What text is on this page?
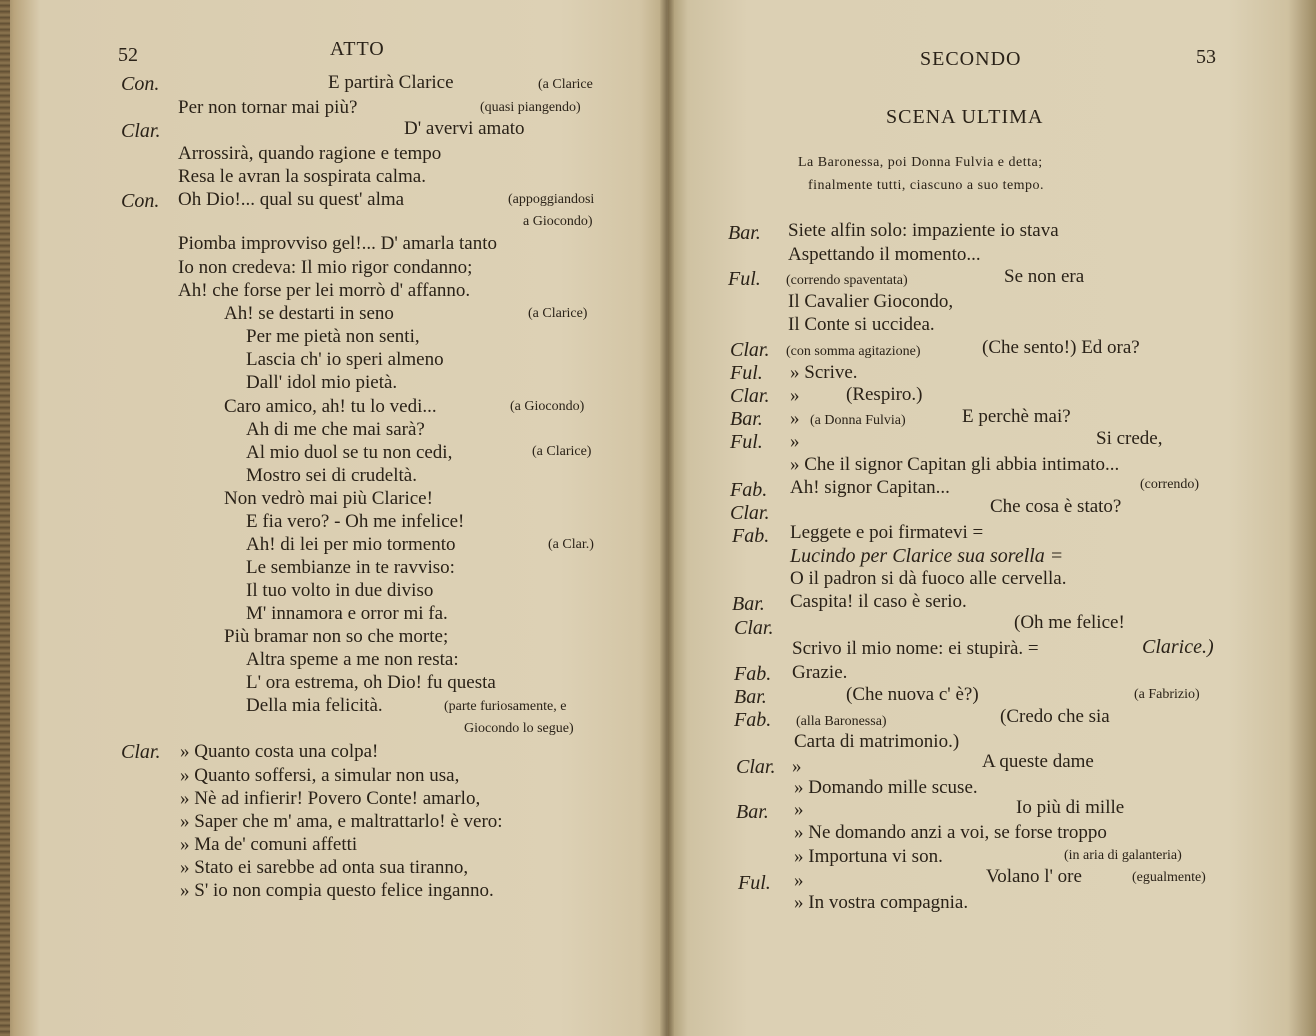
52	ATTO
Con.	E partirà Clarice	(a Clarice
Per non tornar mai più?	(quasi piangendo)
Clar.	D' avervi amato
Arrossirà, quando ragione e tempo
Resa le avran la sospirata calma.
Con. Oh Dio!... qual su quest' alma	(appoggiandosi
a Giocondo)
Piomba improvviso gel!... D' amarla tanto
Io non credeva: Il mio rigor condanno;
Ah! che forse per lei morrò d' affanno.
Ah! se destarti in seno	(a Clarice)
Per me pietà non senti,
Lascia ch' io speri almeno
Dall' idol mio pietà.
Caro amico, ah! tu lo vedi...	(a Giocondo)
Ah di me che mai sarà?
Al mio duol se tu non cedi,	(a Clarice)
Mostro sei di crudeltà.
Non vedrò mai più Clarice!
E fia vero? - Oh me infelice!
Ah! di lei per mio tormento	(a Clar.)
Le sembianze in te ravviso:
Il tuo volto in due diviso
M' innamora e orror mi fa.
Più bramar non so che morte;
Altra speme a me non resta:
L' ora estrema, oh Dio! fu questa
Della mia felicità.	(parte furiosamente, e
Giocondo lo segue)
Clar. » Quanto costa una colpa!
» Quanto soffersi, a simular non usa,
» Nè ad infierir! Povero Conte! amarlo,
» Saper che m' ama, e maltrattarlo! è vero:
» Ma de' comuni affetti
» Stato ei sarebbe ad onta sua tiranno,
» S' io non compia questo felice inganno.
SECONDO	53
SCENA ULTIMA
La Baronessa, poi Donna Fulvia e detta;
finalmente tutti, ciascuno a suo tempo.
Bar. Siete alfin solo: impaziente io stava
Aspettando il momento...
Ful. (correndo spaventata)	Se non era
Il Cavalier Giocondo,
Il Conte si uccidea.
Clar. (con somma agitazione)	(Che sento!) Ed ora?
Ful. » Scrive.
Clar. » (Respiro.)
Bar. » (a Donna Fulvia)	E perchè mai?
Ful. »	Si crede,
» Che il signor Capitan gli abbia intimato...
Fab. Ah! signor Capitan...	(correndo)
Clar.	Che cosa è stato?
Fab. Leggete e poi firmatevi =
Lucindo per Clarice sua sorella =
O il padron si dà fuoco alle cervella.
Bar. Caspita! il caso è serio.
Clar.	(Oh me felice!
Scrivo il mio nome: ei stupirà. =	Clarice.)
Fab. Grazie.
Bar.	(Che nuova c' è?)	(a Fabrizio)
Fab. (alla Baronessa)	(Credo che sia
Carta di matrimonio.)
Clar. »	A queste dame
» Domando mille scuse.
Bar. »	Io più di mille
» Ne domando anzi a voi, se forse troppo
» Importuna vi son.	(in aria di galanteria)
Ful. »	Volano l' ore	(egualmente)
» In vostra compagnia.
